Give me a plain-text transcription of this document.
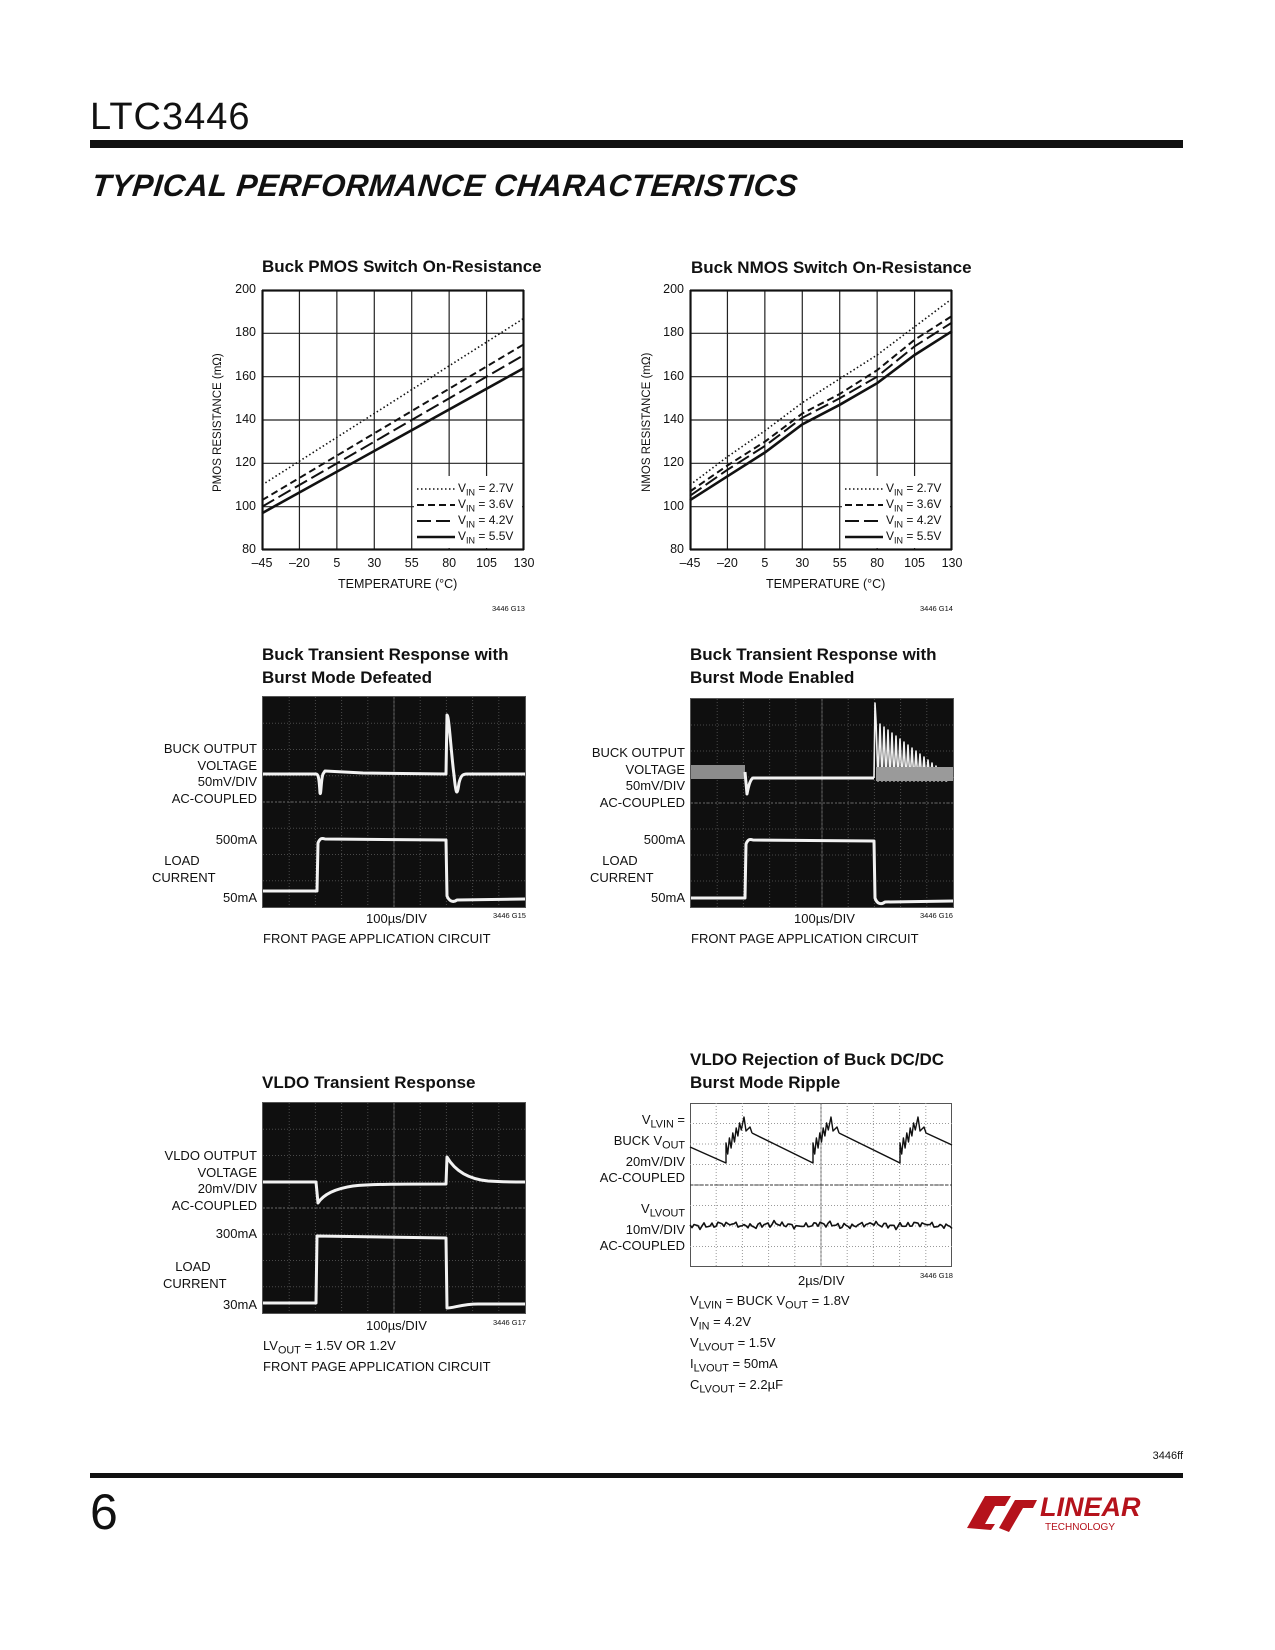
LTC3446
TYPICAL PERFORMANCE CHARACTERISTICS
Buck PMOS Switch On-Resistance
PMOS RESISTANCE (mΩ)
TEMPERATURE (°C)
3446 G13
80
100
120
140
160
180
200
–45	–20	5	30	55	80	105	130
$V_{IN} = 2.7V$
$V_{IN} = 3.6V$
$V_{IN} = 4.2V$
$V_{IN} = 5.5V$
Buck NMOS Switch On-Resistance
NMOS RESISTANCE (mΩ)
TEMPERATURE (°C)
3446 G14
80
100
120
140
160
180
200
–45	–20	5	30	55	80	105	130
$V_{IN} = 2.7V$
$V_{IN} = 3.6V$
$V_{IN} = 4.2V$
$V_{IN} = 5.5V$
Buck Transient Response with
Burst Mode Defeated
BUCK OUTPUT
VOLTAGE
50mV/DIV
AC-COUPLED
500mA
LOAD
CURRENT
50mA
100µs/DIV	3446 G15
FRONT PAGE APPLICATION CIRCUIT
Buck Transient Response with
Burst Mode Enabled
BUCK OUTPUT
VOLTAGE
50mV/DIV
AC-COUPLED
500mA
LOAD
CURRENT
50mA
100µs/DIV	3446 G16
FRONT PAGE APPLICATION CIRCUIT
VLDO Transient Response
VLDO OUTPUT
VOLTAGE
20mV/DIV
AC-COUPLED
300mA
LOAD
CURRENT
30mA
100µs/DIV	3446 G17
$LV_{OUT} = 1.5V$ OR 1.2V
FRONT PAGE APPLICATION CIRCUIT
VLDO Rejection of Buck DC/DC
Burst Mode Ripple
$V_{LVIN}$ =
BUCK $V_{OUT}$
20mV/DIV
AC-COUPLED
$V_{LVOUT}$
10mV/DIV
AC-COUPLED
2µs/DIV	3446 G18
$V_{LVIN}$ = BUCK $V_{OUT} = 1.8V$
$V_{IN} = 4.2V$
$V_{LVOUT} = 1.5V$
$I_{LVOUT} = 50mA$
$C_{LVOUT} = 2.2\mu F$
3446ff
6	LINEAR
TECHNOLOGY
